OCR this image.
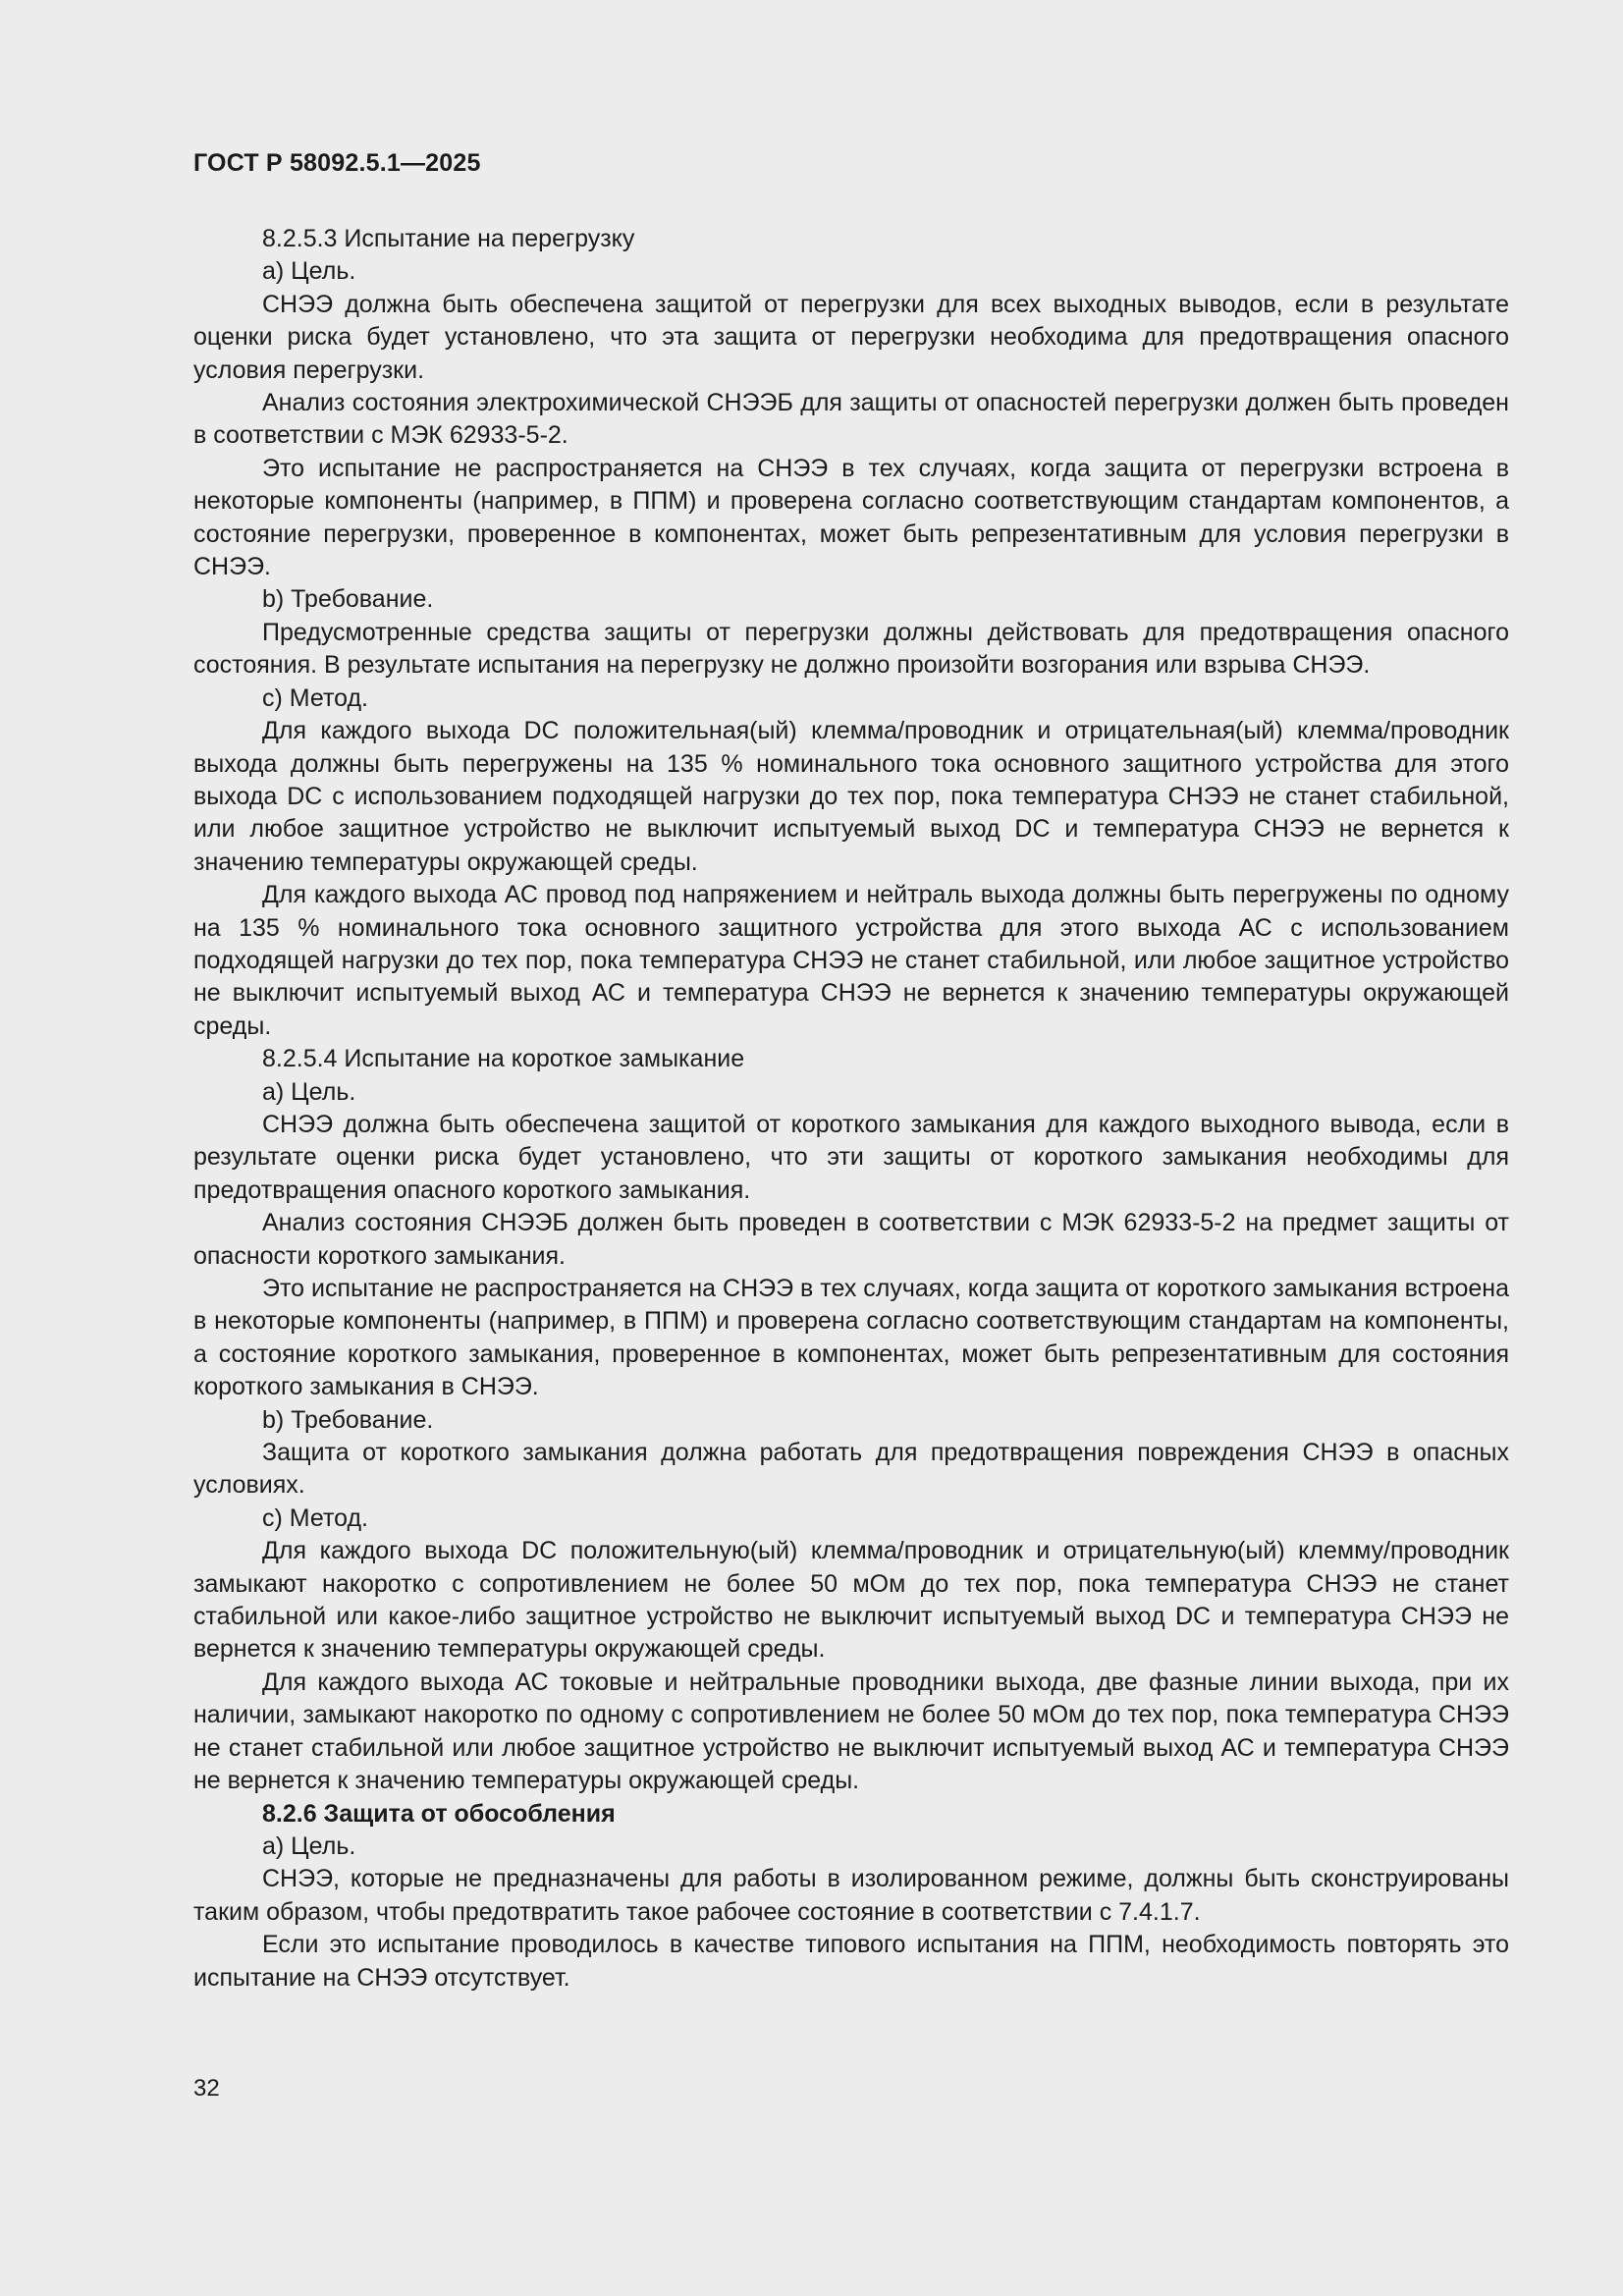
ГОСТ Р 58092.5.1—2025

8.2.5.3 Испытание на перегрузку

a) Цель.

СНЭЭ должна быть обеспечена защитой от перегрузки для всех выходных выводов, если в результате оценки риска будет установлено, что эта защита от перегрузки необходима для предотвращения опасного условия перегрузки.

Анализ состояния электрохимической СНЭЭБ для защиты от опасностей перегрузки должен быть проведен в соответствии с МЭК 62933-5-2.

Это испытание не распространяется на СНЭЭ в тех случаях, когда защита от перегрузки встроена в некоторые компоненты (например, в ППМ) и проверена согласно соответствующим стандартам компонентов, а состояние перегрузки, проверенное в компонентах, может быть репрезентативным для условия перегрузки в СНЭЭ.

b) Требование.

Предусмотренные средства защиты от перегрузки должны действовать для предотвращения опасного состояния. В результате испытания на перегрузку не должно произойти возгорания или взрыва СНЭЭ.

c) Метод.

Для каждого выхода DC положительная(ый) клемма/проводник и отрицательная(ый) клемма/проводник выхода должны быть перегружены на 135 % номинального тока основного защитного устройства для этого выхода DC с использованием подходящей нагрузки до тех пор, пока температура СНЭЭ не станет стабильной, или любое защитное устройство не выключит испытуемый выход DC и температура СНЭЭ не вернется к значению температуры окружающей среды.

Для каждого выхода АС провод под напряжением и нейтраль выхода должны быть перегружены по одному на 135 % номинального тока основного защитного устройства для этого выхода АС с использованием подходящей нагрузки до тех пор, пока температура СНЭЭ не станет стабильной, или любое защитное устройство не выключит испытуемый выход АС и температура СНЭЭ не вернется к значению температуры окружающей среды.

8.2.5.4 Испытание на короткое замыкание

a) Цель.

СНЭЭ должна быть обеспечена защитой от короткого замыкания для каждого выходного вывода, если в результате оценки риска будет установлено, что эти защиты от короткого замыкания необходимы для предотвращения опасного короткого замыкания.

Анализ состояния СНЭЭБ должен быть проведен в соответствии с МЭК 62933-5-2 на предмет защиты от опасности короткого замыкания.

Это испытание не распространяется на СНЭЭ в тех случаях, когда защита от короткого замыкания встроена в некоторые компоненты (например, в ППМ) и проверена согласно соответствующим стандартам на компоненты, а состояние короткого замыкания, проверенное в компонентах, может быть репрезентативным для состояния короткого замыкания в СНЭЭ.

b) Требование.

Защита от короткого замыкания должна работать для предотвращения повреждения СНЭЭ в опасных условиях.

c) Метод.

Для каждого выхода DC положительную(ый) клемма/проводник и отрицательную(ый) клемму/проводник замыкают накоротко с сопротивлением не более 50 мОм до тех пор, пока температура СНЭЭ не станет стабильной или какое-либо защитное устройство не выключит испытуемый выход DC и температура СНЭЭ не вернется к значению температуры окружающей среды.

Для каждого выхода АС токовые и нейтральные проводники выхода, две фазные линии выхода, при их наличии, замыкают накоротко по одному с сопротивлением не более 50 мОм до тех пор, пока температура СНЭЭ не станет стабильной или любое защитное устройство не выключит испытуемый выход АС и температура СНЭЭ не вернется к значению температуры окружающей среды.

8.2.6 Защита от обособления

a) Цель.

СНЭЭ, которые не предназначены для работы в изолированном режиме, должны быть сконструированы таким образом, чтобы предотвратить такое рабочее состояние в соответствии с 7.4.1.7.

Если это испытание проводилось в качестве типового испытания на ППМ, необходимость повторять это испытание на СНЭЭ отсутствует.

32
